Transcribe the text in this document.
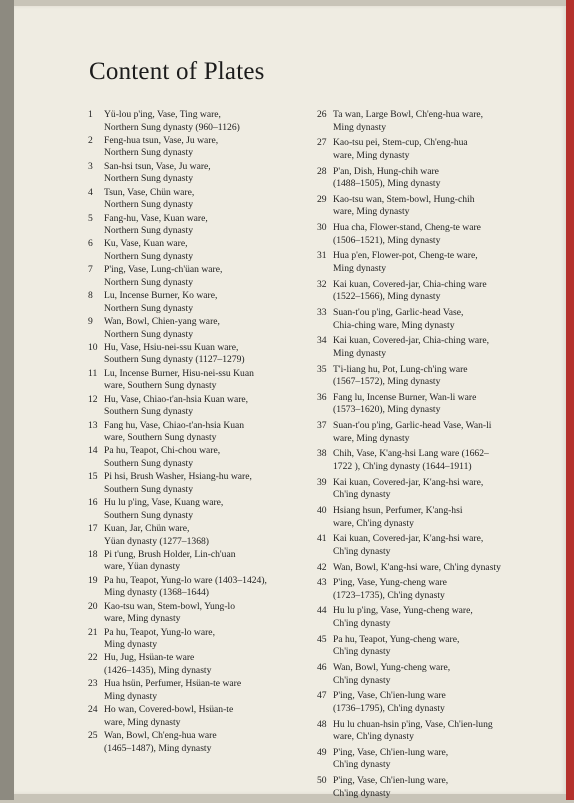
Content of Plates
1	Yü-lou p'ing, Vase, Ting ware,
Northern Sung dynasty (960–1126)
2	Feng-hua tsun, Vase, Ju ware,
Northern Sung dynasty
3	San-hsi tsun, Vase, Ju ware,
Northern Sung dynasty
4	Tsun, Vase, Chün ware,
Northern Sung dynasty
5	Fang-hu, Vase, Kuan ware,
Northern Sung dynasty
6	Ku, Vase, Kuan ware,
Northern Sung dynasty
7	P'ing, Vase, Lung-ch'üan ware,
Northern Sung dynasty
8	Lu, Incense Burner, Ko ware,
Northern Sung dynasty
9	Wan, Bowl, Chien-yang ware,
Northern Sung dynasty
10 Hu, Vase, Hsiu-nei-ssu Kuan ware,
Southern Sung dynasty (1127–1279)
11 Lu, Incense Burner, Hisu-nei-ssu Kuan
ware, Southern Sung dynasty
12 Hu, Vase, Chiao-t'an-hsia Kuan ware,
Southern Sung dynasty
13 Fang hu, Vase, Chiao-t'an-hsia Kuan
ware, Southern Sung dynasty
14 Pa hu, Teapot, Chi-chou ware,
Southern Sung dynasty
15 Pi hsi, Brush Washer, Hsiang-hu ware,
Southern Sung dynasty
16 Hu lu p'ing, Vase, Kuang ware,
Southern Sung dynasty
17 Kuan, Jar, Chün ware,
Yüan dynasty (1277–1368)
18 Pi t'ung, Brush Holder, Lin-ch'uan
ware, Yüan dynasty
19 Pa hu, Teapot, Yung-lo ware (1403–1424),
Ming dynasty (1368–1644)
20 Kao-tsu wan, Stem-bowl, Yung-lo
ware, Ming dynasty
21 Pa hu, Teapot, Yung-lo ware,
Ming dynasty
22 Hu, Jug, Hsüan-te ware
(1426–1435), Ming dynasty
23 Hua hsün, Perfumer, Hsüan-te ware
Ming dynasty
24 Ho wan, Covered-bowl, Hsüan-te
ware, Ming dynasty
25 Wan, Bowl, Ch'eng-hua ware
(1465–1487), Ming dynasty
26 Ta wan, Large Bowl, Ch'eng-hua ware,
Ming dynasty
27 Kao-tsu pei, Stem-cup, Ch'eng-hua
ware, Ming dynasty
28 P'an, Dish, Hung-chih ware
(1488–1505), Ming dynasty
29 Kao-tsu wan, Stem-bowl, Hung-chih
ware, Ming dynasty
30 Hua cha, Flower-stand, Cheng-te ware
(1506–1521), Ming dynasty
31 Hua p'en, Flower-pot, Cheng-te ware,
Ming dynasty
32 Kai kuan, Covered-jar, Chia-ching ware
(1522–1566), Ming dynasty
33 Suan-t'ou p'ing, Garlic-head Vase,
Chia-ching ware, Ming dynasty
34 Kai kuan, Covered-jar, Chia-ching ware,
Ming dynasty
35 T'i-liang hu, Pot, Lung-ch'ing ware
(1567–1572), Ming dynasty
36 Fang lu, Incense Burner, Wan-li ware
(1573–1620), Ming dynasty
37 Suan-t'ou p'ing, Garlic-head Vase, Wan-li
ware, Ming dynasty
38 Chih, Vase, K'ang-hsi Lang ware (1662–
1722 ), Ch'ing dynasty (1644–1911)
39 Kai kuan, Covered-jar, K'ang-hsi ware,
Ch'ing dynasty
40 Hsiang hsun, Perfumer, K'ang-hsi
ware, Ch'ing dynasty
41 Kai kuan, Covered-jar, K'ang-hsi ware,
Ch'ing dynasty
42 Wan, Bowl, K'ang-hsi ware, Ch'ing dynasty
43 P'ing, Vase, Yung-cheng ware
(1723–1735), Ch'ing dynasty
44 Hu lu p'ing, Vase, Yung-cheng ware,
Ch'ing dynasty
45 Pa hu, Teapot, Yung-cheng ware,
Ch'ing dynasty
46 Wan, Bowl, Yung-cheng ware,
Ch'ing dynasty
47 P'ing, Vase, Ch'ien-lung ware
(1736–1795), Ch'ing dynasty
48 Hu lu chuan-hsin p'ing, Vase, Ch'ien-lung
ware, Ch'ing dynasty
49 P'ing, Vase, Ch'ien-lung ware,
Ch'ing dynasty
50 P'ing, Vase, Ch'ien-lung ware,
Ch'ing dynasty
